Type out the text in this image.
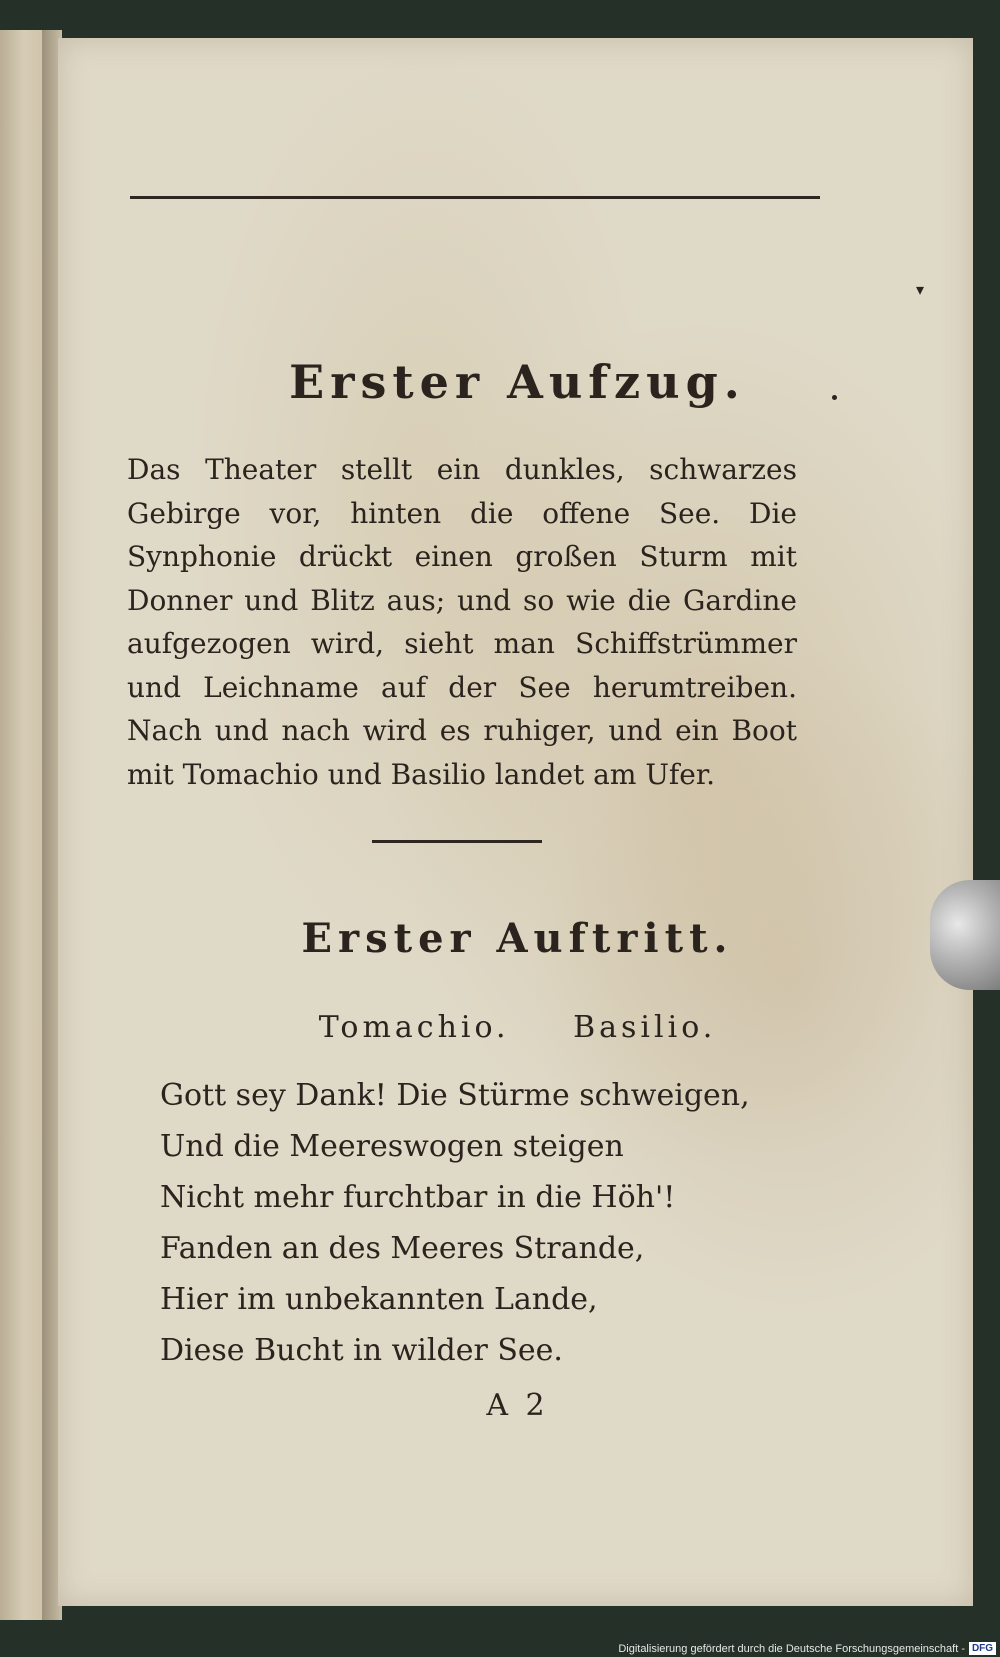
Erster Aufzug.
▾

Das Theater stellt ein dunkles, schwarzes Gebirge vor, hinten die offene See. Die Synphonie drückt einen großen Sturm mit Donner und Blitz aus; und so wie die Gardine aufgezogen wird, sieht man Schiffstrümmer und Leichname auf der See herumtreiben. Nach und nach wird es ruhiger, und ein Boot mit Tomachio und Basilio landet am Ufer.

Erster Auftritt.

Tomachio. Basilio.

Gott sey Dank! Die Stürme schweigen,
Und die Meereswogen steigen
Nicht mehr furchtbar in die Höh'!
Fanden an des Meeres Strande,
Hier im unbekannten Lande,
Diese Bucht in wilder See.

A 2

Digitalisierung gefördert durch die Deutsche Forschungsgemeinschaft - DFG
